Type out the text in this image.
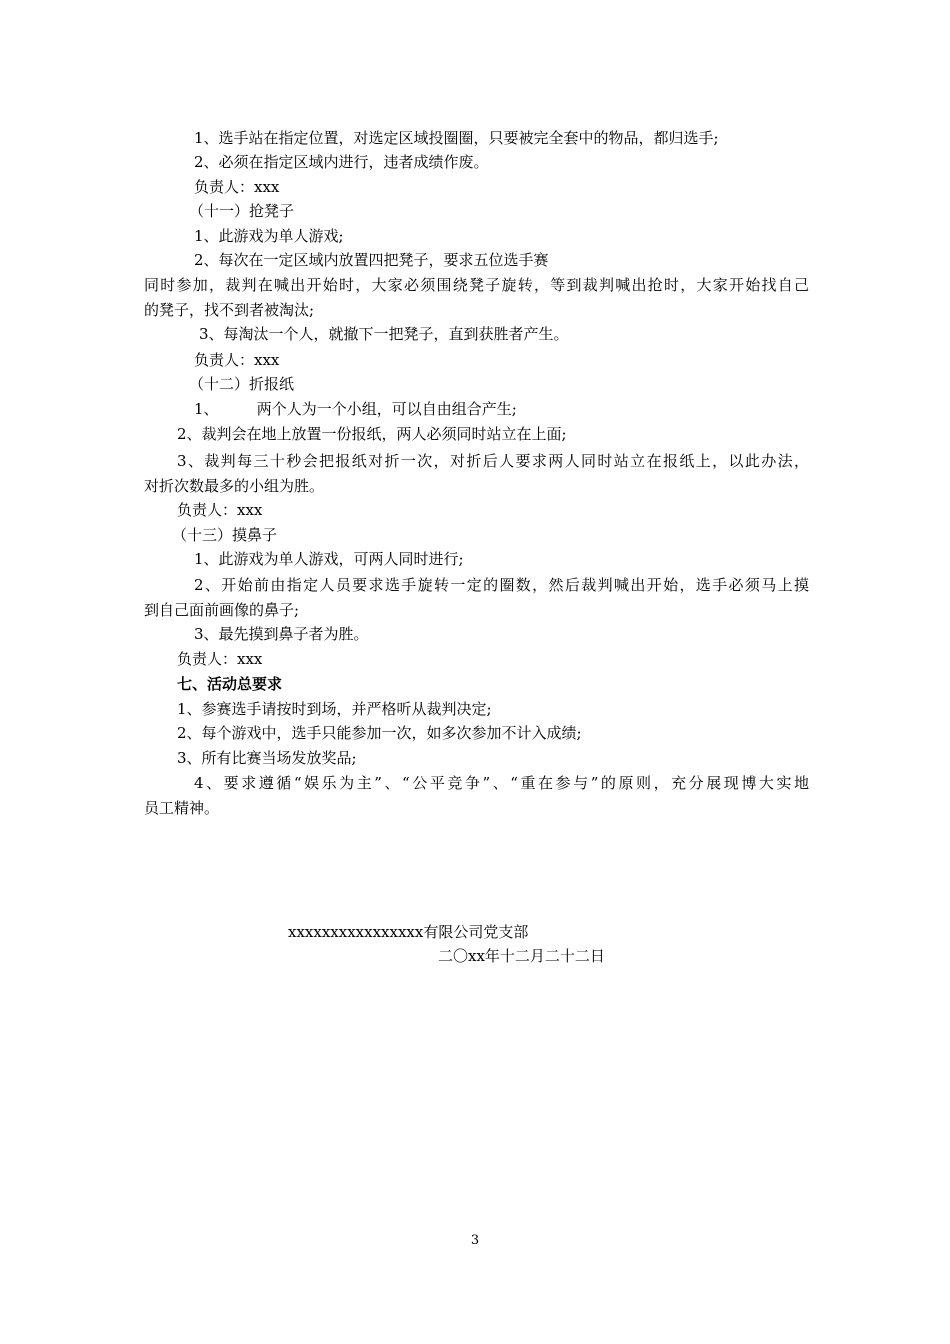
1、选手站在指定位置，对选定区域投圈圈，只要被完全套中的物品，都归选手;
2、必须在指定区域内进行，违者成绩作废。
负责人：xxx
（十一）抢凳子
1、此游戏为单人游戏;
2、每次在一定区域内放置四把凳子，要求五位选手赛
同时参加，裁判在喊出开始时，大家必须围绕凳子旋转，等到裁判喊出抢时，大家开始找自己
的凳子，找不到者被淘汰;
3、每淘汰一个人，就撤下一把凳子，直到获胜者产生。
负责人：xxx
（十二）折报纸
1、        两个人为一个小组，可以自由组合产生;
2、裁判会在地上放置一份报纸，两人必须同时站立在上面;
3、裁判每三十秒会把报纸对折一次，对折后人要求两人同时站立在报纸上，以此办法，
对折次数最多的小组为胜。
负责人：xxx
（十三）摸鼻子
1、此游戏为单人游戏，可两人同时进行;
2、开始前由指定人员要求选手旋转一定的圈数，然后裁判喊出开始，选手必须马上摸
到自己面前画像的鼻子;
3、最先摸到鼻子者为胜。
负责人：xxx
七、活动总要求
1、参赛选手请按时到场，并严格听从裁判决定;
2、每个游戏中，选手只能参加一次，如多次参加不计入成绩;
3、所有比赛当场发放奖品;
4、要求遵循“娱乐为主”、“公平竞争”、“重在参与”的原则，充分展现博大实地
员工精神。
xxxxxxxxxxxxxxxx有限公司党支部
二〇xx年十二月二十二日
3
